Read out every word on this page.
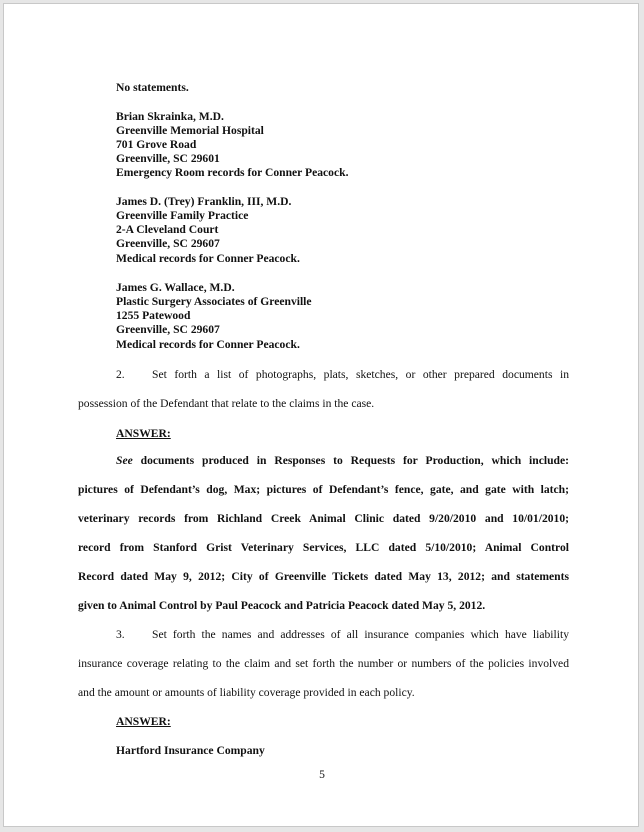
No statements.
Brian Skrainka, M.D.
Greenville Memorial Hospital
701 Grove Road
Greenville, SC 29601
Emergency Room records for Conner Peacock.
James D. (Trey) Franklin, III, M.D.
Greenville Family Practice
2-A Cleveland Court
Greenville, SC 29607
Medical records for Conner Peacock.
James G. Wallace, M.D.
Plastic Surgery Associates of Greenville
1255 Patewood
Greenville, SC 29607
Medical records for Conner Peacock.
2. Set forth a list of photographs, plats, sketches, or other prepared documents in
possession of the Defendant that relate to the claims in the case.
ANSWER:
See documents produced in Responses to Requests for Production, which include:
pictures of Defendant’s dog, Max; pictures of Defendant’s fence, gate, and gate with latch;
veterinary records from Richland Creek Animal Clinic dated 9/20/2010 and 10/01/2010;
record from Stanford Grist Veterinary Services, LLC dated 5/10/2010; Animal Control
Record dated May 9, 2012; City of Greenville Tickets dated May 13, 2012; and statements
given to Animal Control by Paul Peacock and Patricia Peacock dated May 5, 2012.
3. Set forth the names and addresses of all insurance companies which have liability
insurance coverage relating to the claim and set forth the number or numbers of the policies involved
and the amount or amounts of liability coverage provided in each policy.
ANSWER:
Hartford Insurance Company
5
